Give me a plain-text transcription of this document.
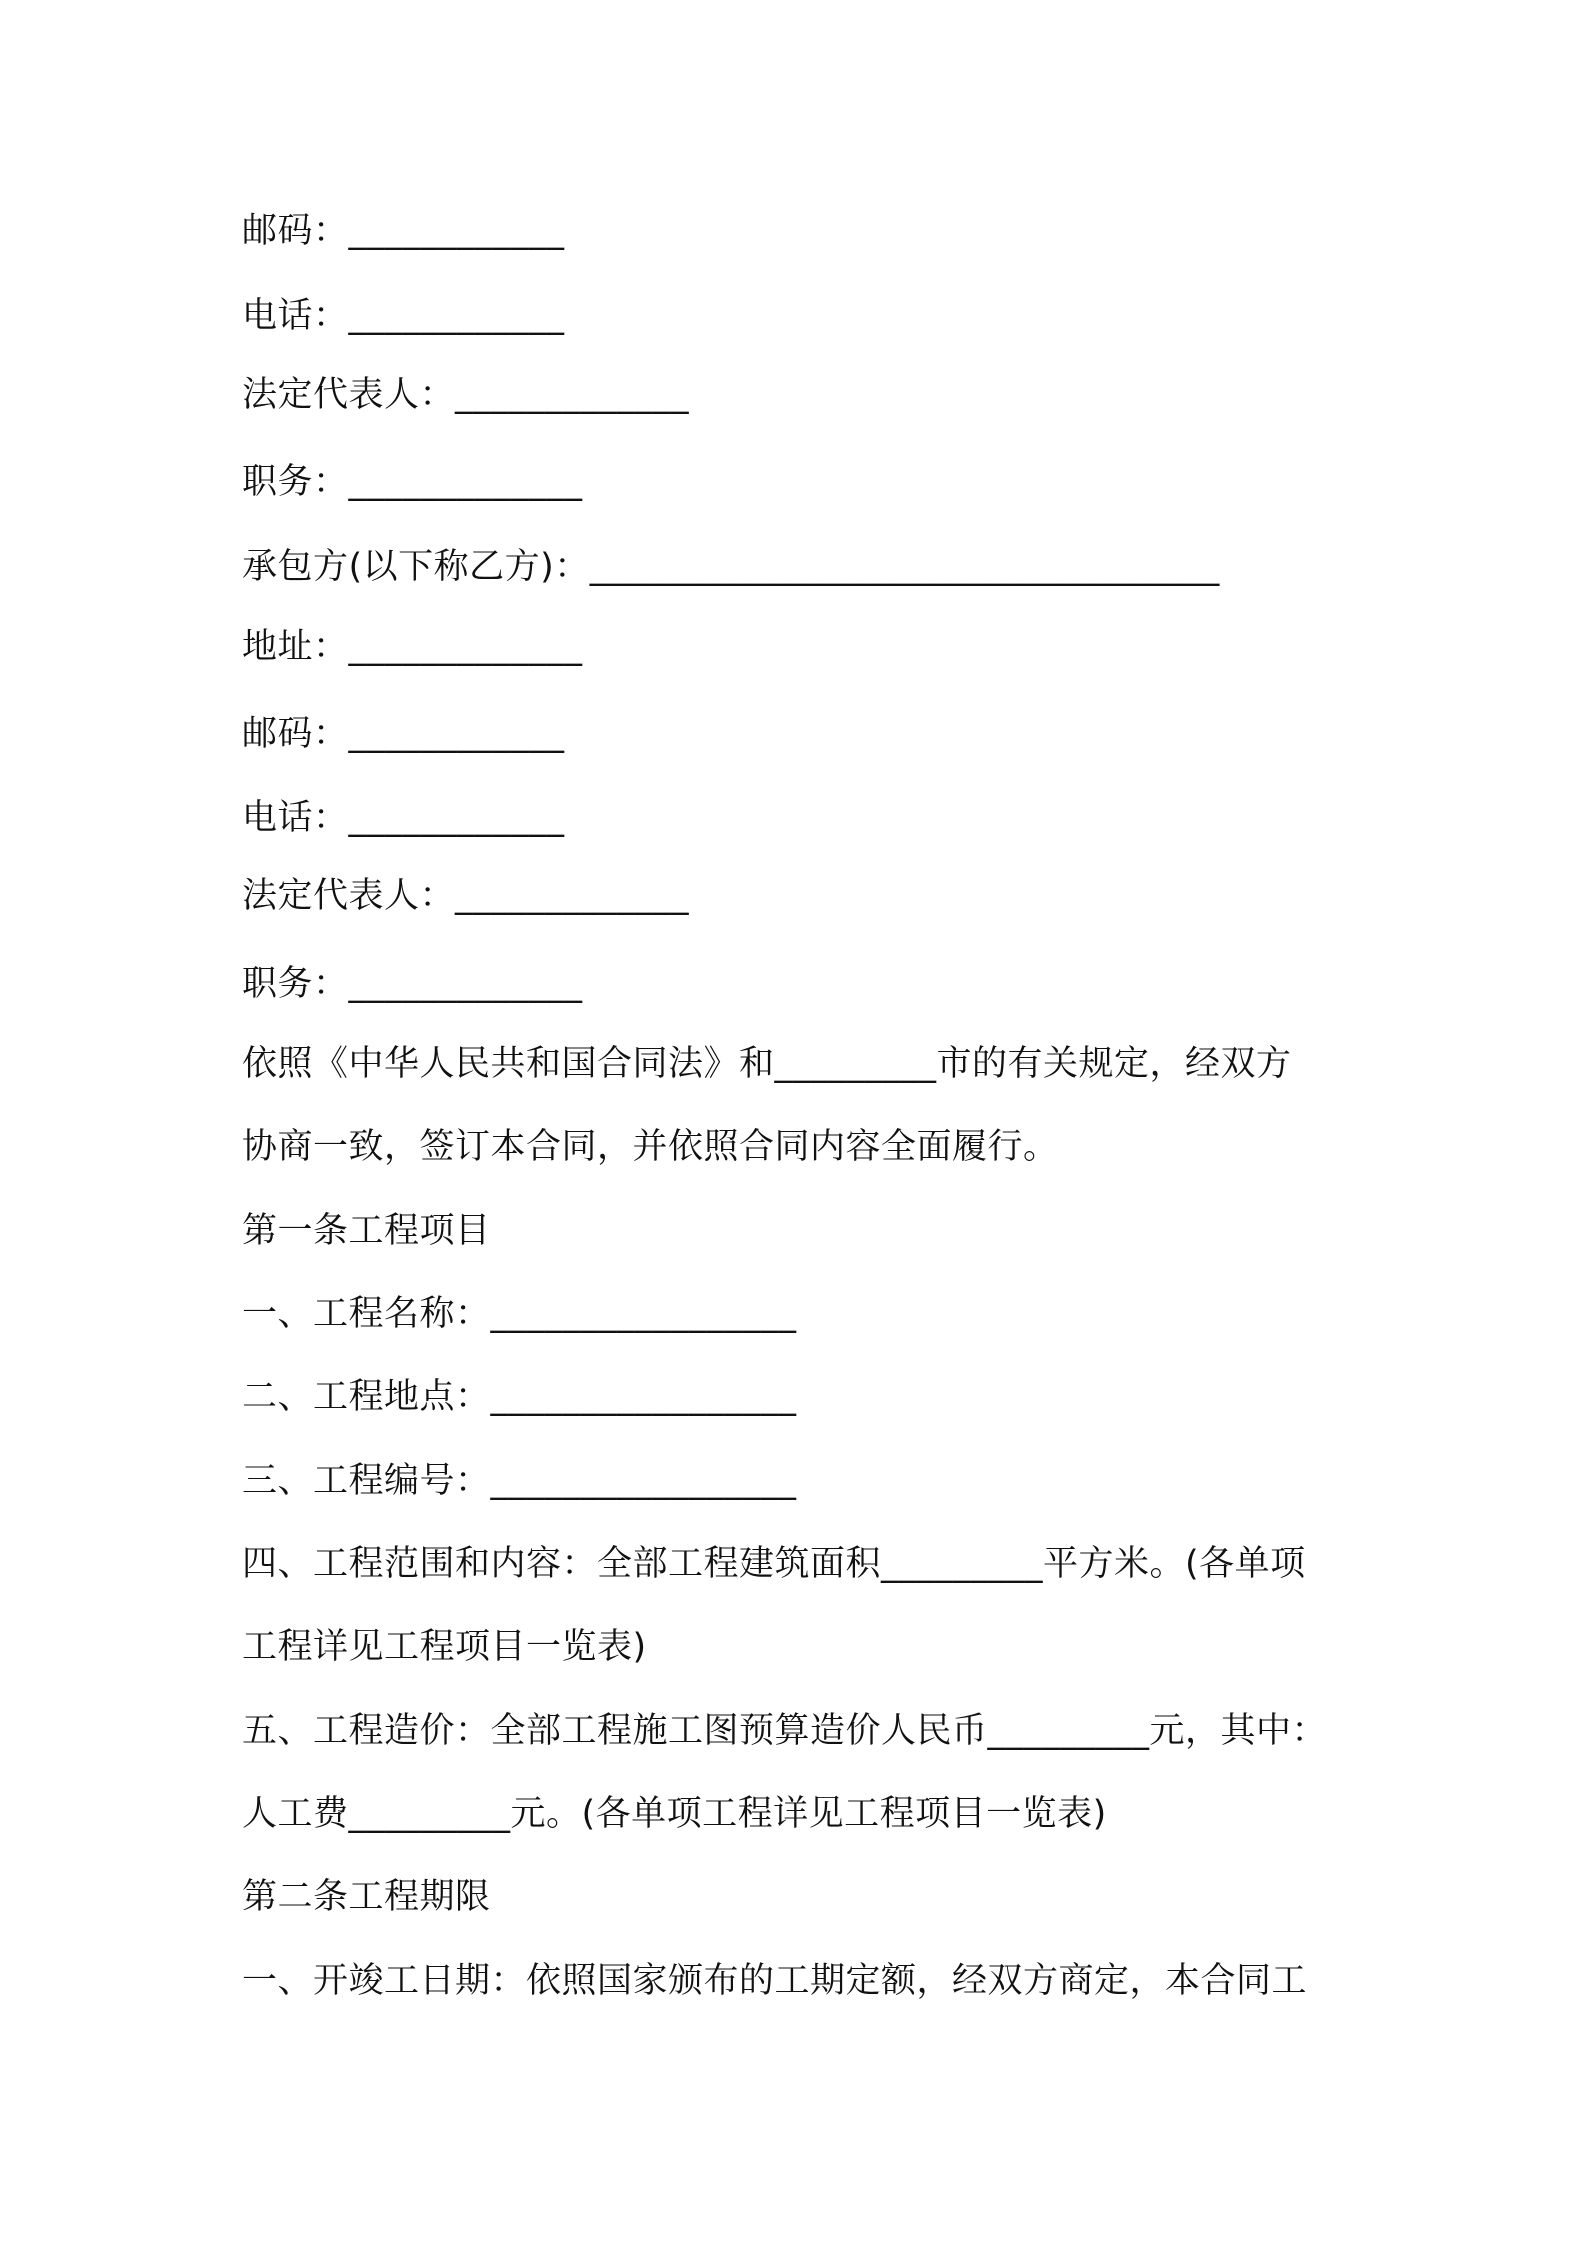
邮码：____________
电话：____________
法定代表人：_____________
职务：_____________
承包方(以下称乙方)：___________________________________
地址：_____________
邮码：____________
电话：____________
法定代表人：_____________
职务：_____________
依照《中华人民共和国合同法》和_________市的有关规定，经双方
协商一致，签订本合同，并依照合同内容全面履行。
第一条工程项目
一、工程名称：_________________
二、工程地点：_________________
三、工程编号：_________________
四、工程范围和内容：全部工程建筑面积_________平方米。(各单项
工程详见工程项目一览表)
五、工程造价：全部工程施工图预算造价人民币_________元，其中：
人工费_________元。(各单项工程详见工程项目一览表)
第二条工程期限
一、开竣工日期：依照国家颁布的工期定额，经双方商定，本合同工
